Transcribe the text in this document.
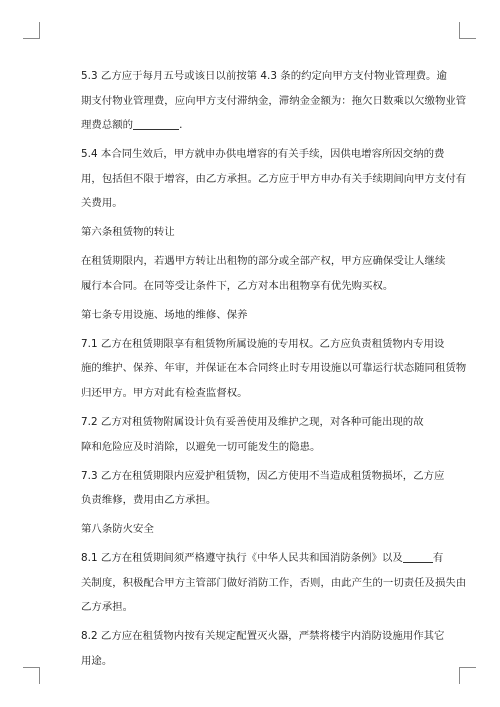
5.3 乙方应于每月五号或该日以前按第 4.3 条的约定向甲方支付物业管理费。逾
期支付物业管理费，应向甲方支付滞纳金，滞纳金金额为：拖欠日数乘以欠缴物业管
理费总额的	.
5.4 本合同生效后，甲方就申办供电增容的有关手续，因供电增容所因交纳的费
用，包括但不限于增容，由乙方承担。乙方应于甲方申办有关手续期间向甲方支付有
关费用。
第六条租赁物的转让
在租赁期限内，若遇甲方转让出租物的部分或全部产权，甲方应确保受让人继续
履行本合同。在同等受让条件下，乙方对本出租物享有优先购买权。
第七条专用设施、场地的维修、保养
7.1 乙方在租赁期限享有租赁物所属设施的专用权。乙方应负责租赁物内专用设
施的维护、保养、年审，并保证在本合同终止时专用设施以可靠运行状态随同租赁物
归还甲方。甲方对此有检查监督权。
7.2 乙方对租赁物附属设计负有妥善使用及维护之现，对各种可能出现的故
障和危险应及时消除，以避免一切可能发生的隐患。
7.3 乙方在租赁期限内应爱护租赁物，因乙方使用不当造成租赁物损坏，乙方应
负责维修，费用由乙方承担。
第八条防火安全
8.1 乙方在租赁期间须严格遵守执行《中华人民共和国消防条例》以及	有
关制度，积极配合甲方主管部门做好消防工作，否则，由此产生的一切责任及损失由
乙方承担。
8.2 乙方应在租赁物内按有关规定配置灭火器，严禁将楼宇内消防设施用作其它
用途。
